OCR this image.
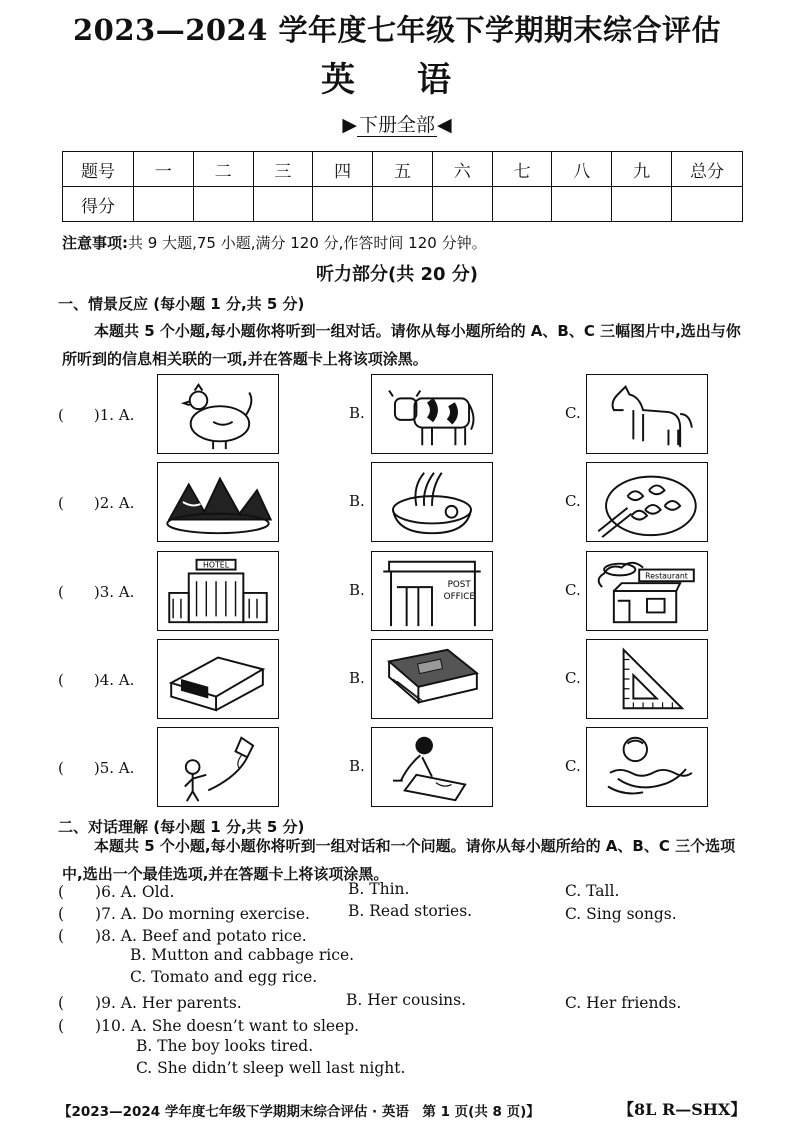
2023—2024 学年度七年级下学期期末综合评估
英语
▶ 下册全部 ◀
题号	一	二	三	四	五	六	七	八	九	总分
得分										
注意事项:共 9 大题,75 小题,满分 120 分,作答时间 120 分钟。
听力部分(共 20 分)
一、情景反应 (每小题 1 分,共 5 分)
本题共 5 个小题,每小题你将听到一组对话。请你从每小题所给的 A、B、C 三幅图片中,选出与你所听到的信息相关联的一项,并在答题卡上将该项涂黑。
(　　)1. A.	B.	C.
(　　)2. A.	B.	C.
(　　)3. A.
HOTEL
B.	POST
OFFICE	C.
Restaurant
(　　)4. A.	B.	C.
(　　)5. A.	B.	C.
二、对话理解 (每小题 1 分,共 5 分)
本题共 5 个小题,每小题你将听到一组对话和一个问题。请你从每小题所给的 A、B、C 三个选项中,选出一个最佳选项,并在答题卡上将该项涂黑。
(　　)6. A. Old.	B. Thin.	C. Tall.
(　　)7. A. Do morning exercise. B. Read stories.	C. Sing songs.
(　　)8. A. Beef and potato rice.
B. Mutton and cabbage rice.
C. Tomato and egg rice.
(　　)9. A. Her parents.	B. Her cousins.	C. Her friends.
(　　)10. A. She doesn’t want to sleep.
B. The boy looks tired.
C. She didn’t sleep well last night.
【2023—2024 学年度七年级下学期期末综合评估 · 英语　第 1 页(共 8 页)】	【8L R—SHX】
